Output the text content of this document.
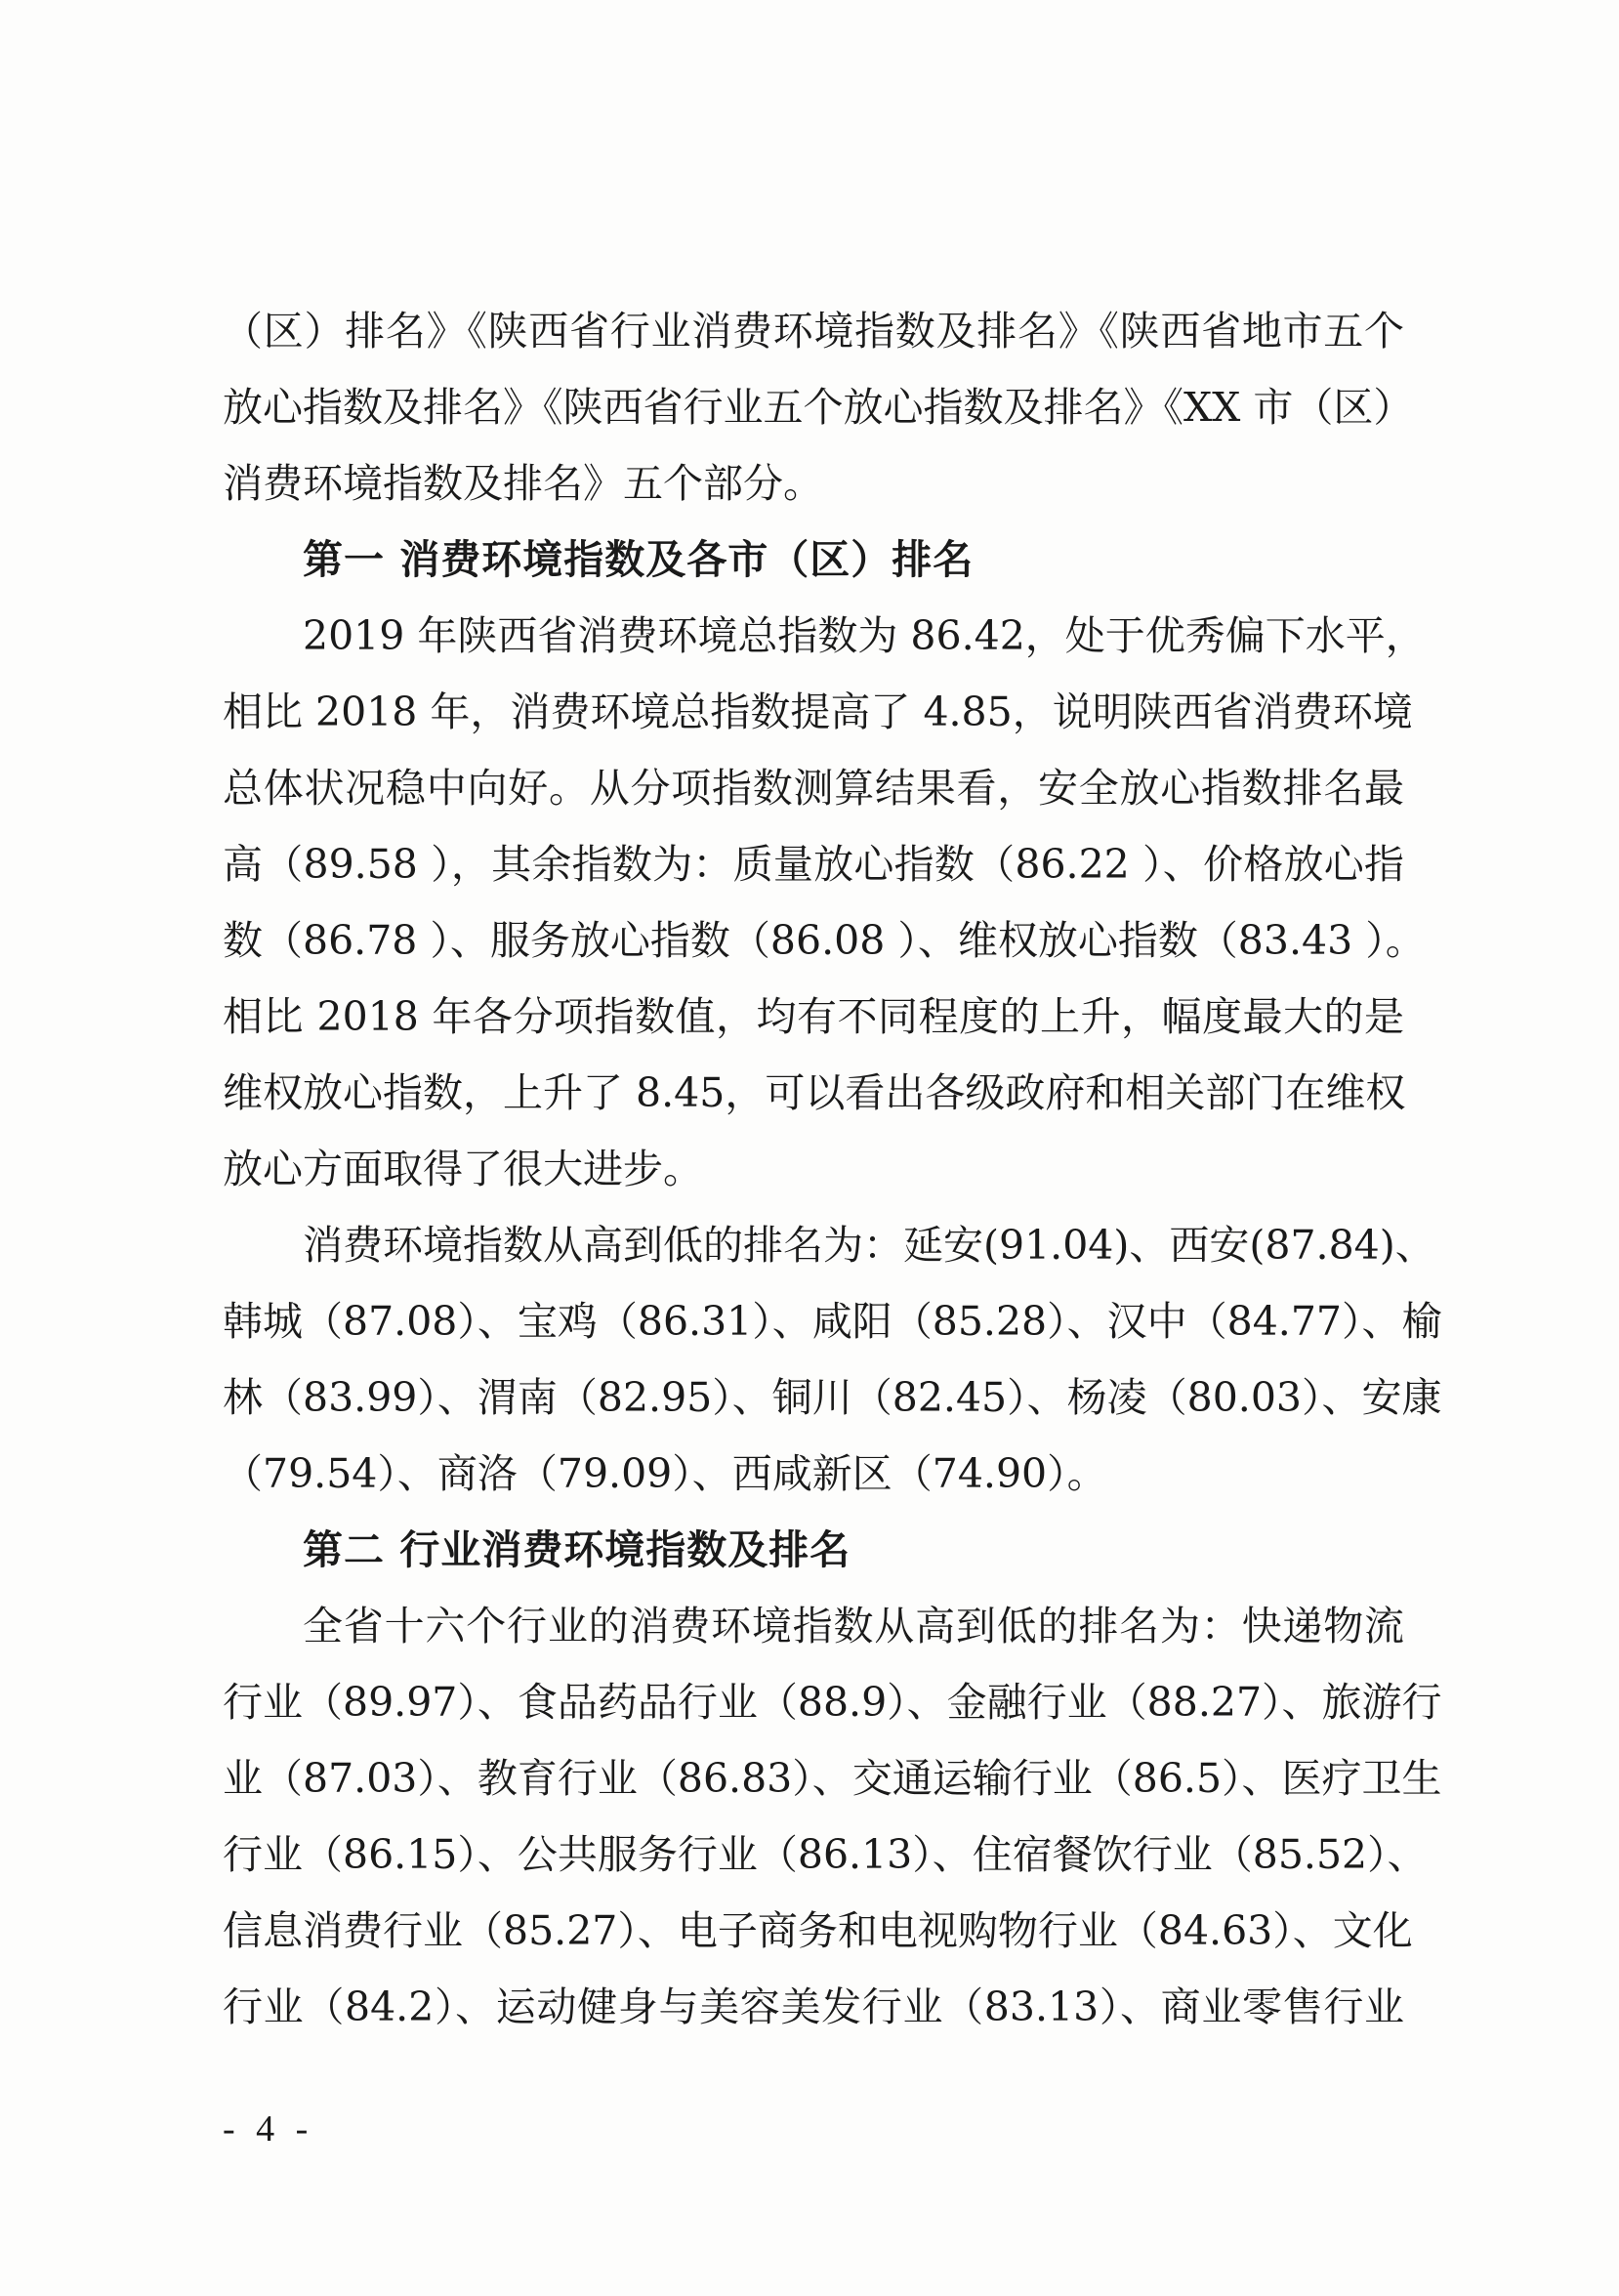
（区）排名》《陕西省行业消费环境指数及排名》《陕西省地市五个
放心指数及排名》《陕西省行业五个放心指数及排名》《XX 市（区）
消费环境指数及排名》五个部分。
第一 消费环境指数及各市（区）排名
2019 年陕西省消费环境总指数为 86.42，处于优秀偏下水平，
相比 2018 年，消费环境总指数提高了 4.85，说明陕西省消费环境
总体状况稳中向好。从分项指数测算结果看，安全放心指数排名最
高（89.58 ），其余指数为：质量放心指数（86.22 ）、价格放心指
数（86.78 ）、服务放心指数（86.08 ）、维权放心指数（83.43 ）。
相比 2018 年各分项指数值，均有不同程度的上升，幅度最大的是
维权放心指数，上升了 8.45，可以看出各级政府和相关部门在维权
放心方面取得了很大进步。
消费环境指数从高到低的排名为：延安(91.04)、西安(87.84)、
韩城（87.08）、宝鸡（86.31）、咸阳（85.28）、汉中（84.77）、榆
林（83.99）、渭南（82.95）、铜川（82.45）、杨凌（80.03）、安康
（79.54）、商洛（79.09）、西咸新区（74.90）。
第二 行业消费环境指数及排名
全省十六个行业的消费环境指数从高到低的排名为：快递物流
行业（89.97）、食品药品行业（88.9）、金融行业（88.27）、旅游行
业（87.03）、教育行业（86.83）、交通运输行业（86.5）、医疗卫生
行业（86.15）、公共服务行业（86.13）、住宿餐饮行业（85.52）、
信息消费行业（85.27）、电子商务和电视购物行业（84.63）、文化
行业（84.2）、运动健身与美容美发行业（83.13）、商业零售行业
- 4 -
